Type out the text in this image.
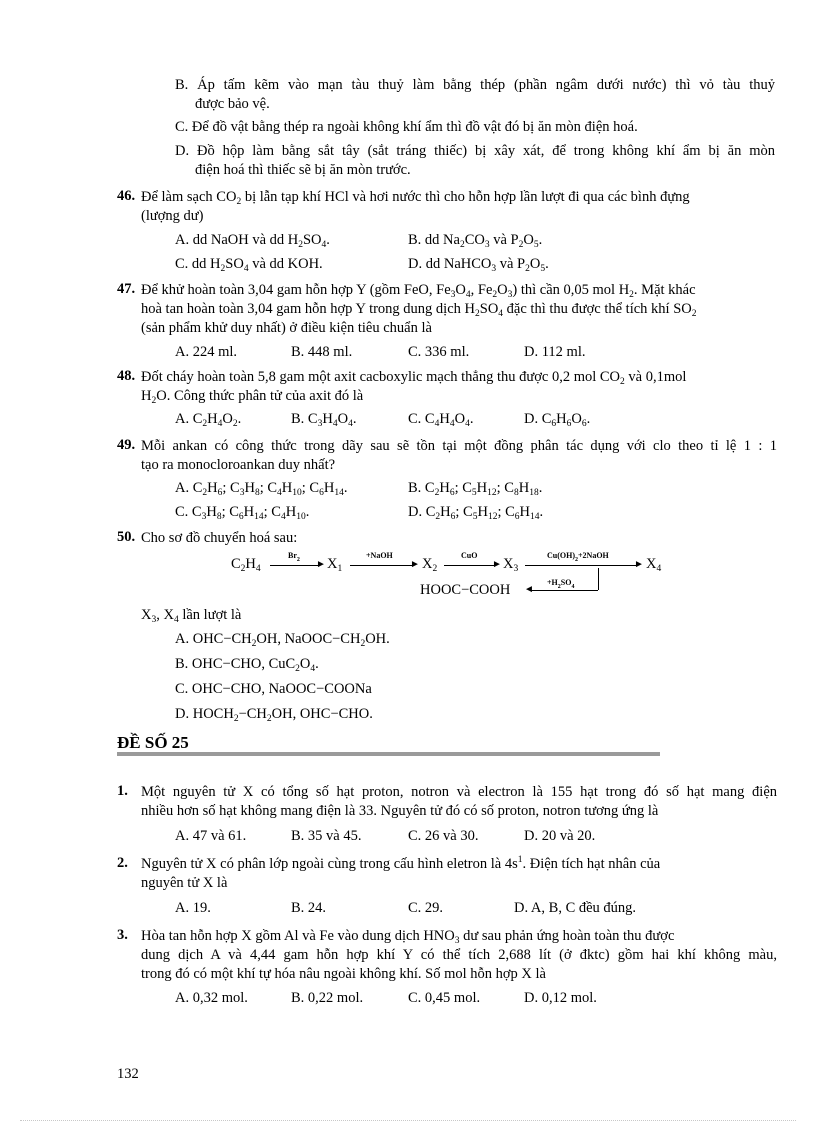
B. Áp tấm kẽm vào mạn tàu thuỷ làm bằng thép (phần ngâm dưới nước) thì vỏ tàu thuỷ
được bảo vệ.
C. Để đồ vật bằng thép ra ngoài không khí ẩm thì đồ vật đó bị ăn mòn điện hoá.
D. Đồ hộp làm bằng sắt tây (sắt tráng thiếc) bị xây xát, để trong không khí ẩm bị ăn mòn
điện hoá thì thiếc sẽ bị ăn mòn trước.
46. Để làm sạch $CO_2$ bị lẫn tạp khí HCl và hơi nước thì cho hỗn hợp lần lượt đi qua các bình đựng
(lượng dư)
A. dd NaOH và dd $H_2SO_4$.	B. dd $Na_2CO_3$ và $P_2O_5$.
C. dd $H_2SO_4$ và dd KOH.	D. dd NaHCO$_3$ và $P_2O_5$.
47. Để khử hoàn toàn 3,04 gam hỗn hợp Y (gồm FeO, $Fe_3O_4$, $Fe_2O_3$) thì cần 0,05 mol $H_2$. Mặt khác
hoà tan hoàn toàn 3,04 gam hỗn hợp Y trong dung dịch $H_2SO_4$ đặc thì thu được thể tích khí $SO_2$
(sản phẩm khử duy nhất) ở điều kiện tiêu chuẩn là
A. 224 ml.	B. 448 ml.	C. 336 ml.	D. 112 ml.
48. Đốt cháy hoàn toàn 5,8 gam một axit cacboxylic mạch thẳng thu được 0,2 mol $CO_2$ và 0,1mol
$H_2O$. Công thức phân tử của axit đó là
A. $C_2H_4O_2$.	B. $C_3H_4O_4$.	C. $C_4H_4O_4$.	D. $C_6H_6O_6$.
49. Mỗi ankan có công thức trong dãy sau sẽ tồn tại một đồng phân tác dụng với clo theo tỉ lệ 1 : 1
tạo ra monocloroankan duy nhất?
A. $C_2H_6$; $C_3H_8$; $C_4H_{10}$; $C_6H_{14}$.	B. $C_2H_6$; $C_5H_{12}$; $C_8H_{18}$.
C. $C_3H_8$; $C_6H_{14}$; $C_4H_{10}$.	D. $C_2H_6$; $C_5H_{12}$; $C_6H_{14}$.
50. Cho sơ đồ chuyển hoá sau:
$C_2H_4$
$Br_2$ ► $X_1$
+NaOH
► $X_2$
CuO
► $X_3$
$Cu(OH)_2+2NaOH$
► $X_4$
◄
$+H_2SO_4$
HOOC−COOH
$X_3$, $X_4$ lần lượt là
A. $OHC-CH_2OH$, $NaOOC-CH_2OH$.
B. OHC−CHO, $CuC_2O_4$.
C. OHC−CHO, NaOOC−COONa
D. $HOCH_2-CH_2OH$, OHC−CHO.
ĐỀ SỐ 25
1. Một nguyên tử X có tổng số hạt proton, notron và electron là 155 hạt trong đó số hạt mang điện
nhiều hơn số hạt không mang điện là 33. Nguyên tử đó có số proton, notron tương ứng là
A. 47 và 61.	B. 35 và 45.	C. 26 và 30.	D. 20 và 20.
2. Nguyên tử X có phân lớp ngoài cùng trong cấu hình eletron là $4s^1$. Điện tích hạt nhân của
nguyên tử X là
A. 19.	B. 24.	C. 29.	D. A, B, C đều đúng.
3. Hòa tan hỗn hợp X gồm Al và Fe vào dung dịch $HNO_3$ dư sau phản ứng hoàn toàn thu được
dung dịch A và 4,44 gam hỗn hợp khí Y có thể tích 2,688 lít (ở đktc) gồm hai khí không màu,
trong đó có một khí tự hóa nâu ngoài không khí. Số mol hỗn hợp X là
A. 0,32 mol.	B. 0,22 mol.	C. 0,45 mol.	D. 0,12 mol.
132
